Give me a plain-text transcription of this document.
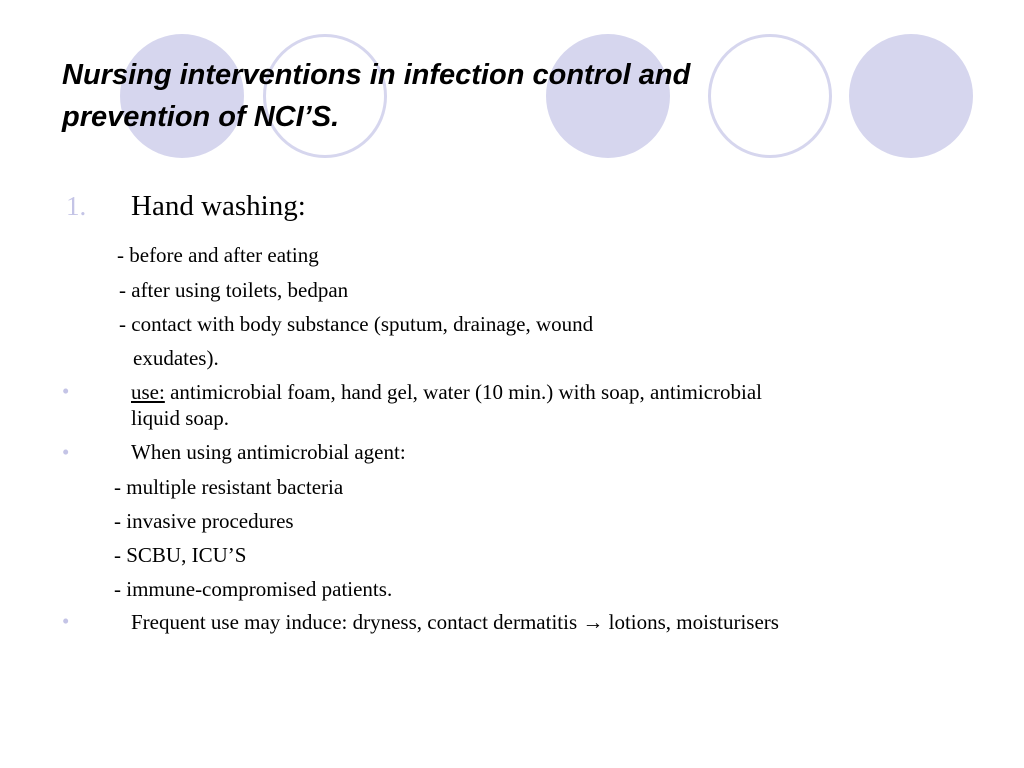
Nursing interventions in infection control and
prevention of NCI’S.
1. Hand washing:
- before and after eating
- after using toilets, bedpan
- contact with body substance (sputum, drainage, wound
exudates).
•	use: antimicrobial foam, hand gel, water (10 min.) with soap, antimicrobial
liquid soap.
•	When using antimicrobial agent:
- multiple resistant bacteria
- invasive procedures
- SCBU, ICU’S
- immune-compromised patients.
•	Frequent use may induce: dryness, contact dermatitis → lotions, moisturisers
